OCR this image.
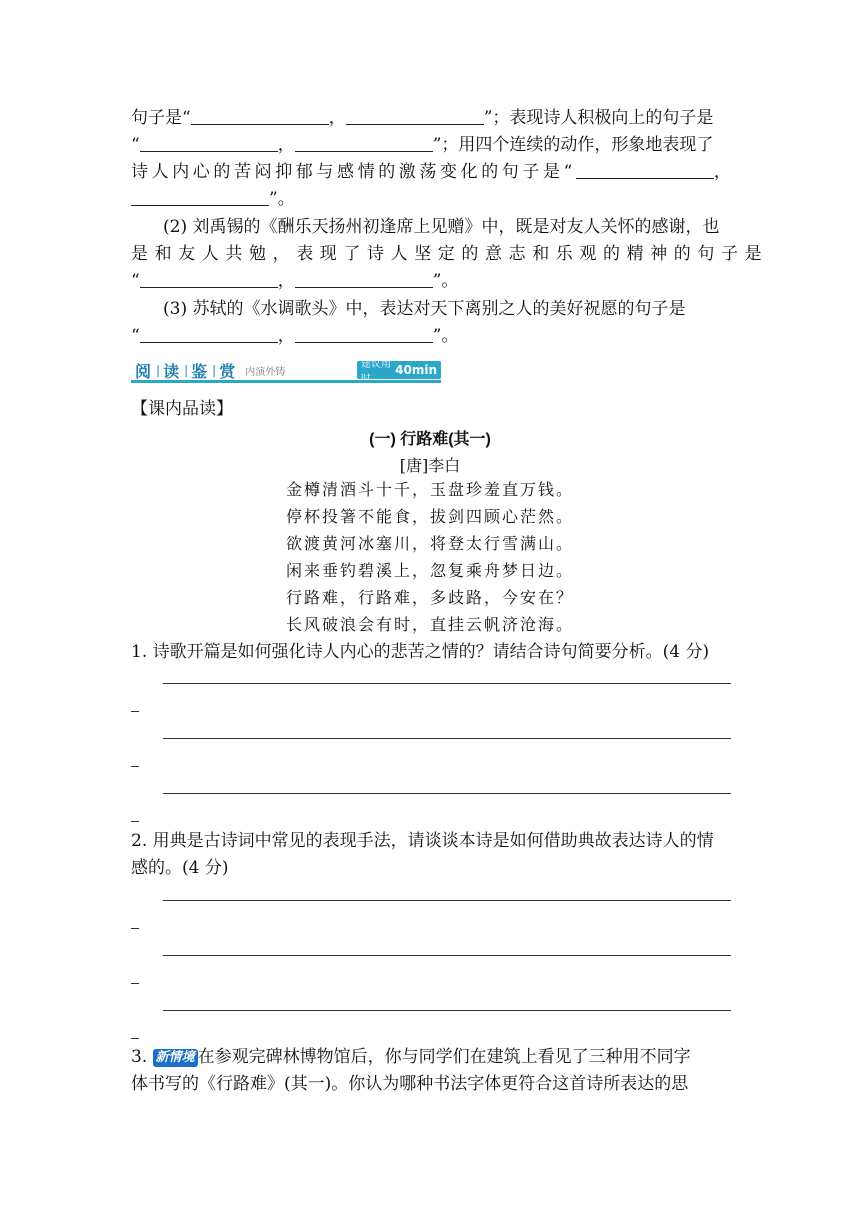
句子是“	，	”；表现诗人积极向上的句子是
“	，	”；用四个连续的动作，形象地表现了
诗人内心的苦闷抑郁与感情的激荡变化的句子是“	，
”。
(2) 刘禹锡的《酬乐天扬州初逢席上见赠》中，既是对友人关怀的感谢，也
是和友人共勉，表现了诗人坚定的意志和乐观的精神的句子是
“	，	”。
(3) 苏轼的《水调歌头》中，表达对天下离别之人的美好祝愿的句子是
“	，	”。
阅 | 读 | 鉴 | 赏 内演外铸
建议用 40min
【课内品读】
(一) 行路难(其一)
[唐]李白
金樽清酒斗十千，玉盘珍羞直万钱。
停杯投箸不能食，拔剑四顾心茫然。
欲渡黄河冰塞川，将登太行雪满山。
闲来垂钓碧溪上，忽复乘舟梦日边。
行路难，行路难，多歧路，今安在？
长风破浪会有时，直挂云帆济沧海。
1. 诗歌开篇是如何强化诗人内心的悲苦之情的？请结合诗句简要分析。(4 分)
2. 用典是古诗词中常见的表现手法，请谈谈本诗是如何借助典故表达诗人的情
感的。(4 分)
3. 新情境 在参观完碑林博物馆后，你与同学们在建筑上看见了三种用不同字
体书写的《行路难》(其一)。你认为哪种书法字体更符合这首诗所表达的思
